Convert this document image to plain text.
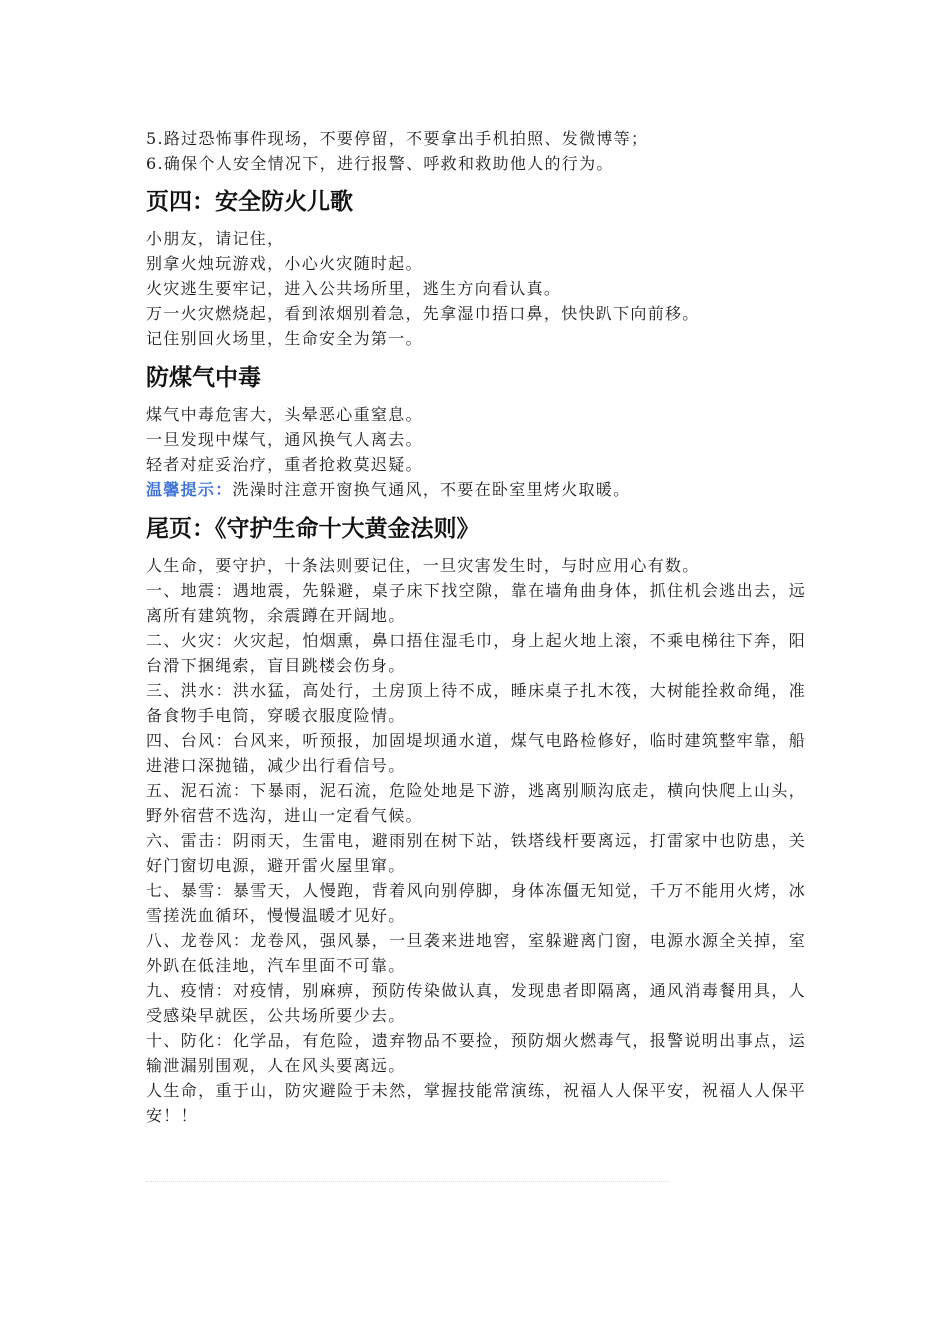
5.路过恐怖事件现场，不要停留，不要拿出手机拍照、发微博等；

6.确保个人安全情况下，进行报警、呼救和救助他人的行为。

页四：安全防火儿歌

小朋友，请记住，

别拿火烛玩游戏，小心火灾随时起。

火灾逃生要牢记，进入公共场所里，逃生方向看认真。

万一火灾燃烧起，看到浓烟别着急，先拿湿巾捂口鼻，快快趴下向前移。

记住别回火场里，生命安全为第一。

防煤气中毒

煤气中毒危害大，头晕恶心重窒息。

一旦发现中煤气，通风换气人离去。

轻者对症妥治疗，重者抢救莫迟疑。

温馨提示：洗澡时注意开窗换气通风，不要在卧室里烤火取暖。

尾页：《守护生命十大黄金法则》

人生命，要守护，十条法则要记住，一旦灾害发生时，与时应用心有数。

一、地震：遇地震，先躲避，桌子床下找空隙，靠在墙角曲身体，抓住机会逃出去，远离所有建筑物，余震蹲在开阔地。

二、火灾：火灾起，怕烟熏，鼻口捂住湿毛巾，身上起火地上滚，不乘电梯往下奔，阳台滑下捆绳索，盲目跳楼会伤身。

三、洪水：洪水猛，高处行，土房顶上待不成，睡床桌子扎木筏，大树能拴救命绳，准备食物手电筒，穿暖衣服度险情。

四、台风：台风来，听预报，加固堤坝通水道，煤气电路检修好，临时建筑整牢靠，船进港口深抛锚，减少出行看信号。

五、泥石流：下暴雨，泥石流，危险处地是下游，逃离别顺沟底走，横向快爬上山头，野外宿营不选沟，进山一定看气候。

六、雷击：阴雨天，生雷电，避雨别在树下站，铁塔线杆要离远，打雷家中也防患，关好门窗切电源，避开雷火屋里窜。

七、暴雪：暴雪天，人慢跑，背着风向别停脚，身体冻僵无知觉，千万不能用火烤，冰雪搓洗血循环，慢慢温暖才见好。

八、龙卷风：龙卷风，强风暴，一旦袭来进地窖，室躲避离门窗，电源水源全关掉，室外趴在低洼地，汽车里面不可靠。

九、疫情：对疫情，别麻痹，预防传染做认真，发现患者即隔离，通风消毒餐用具，人受感染早就医，公共场所要少去。

十、防化：化学品，有危险，遗弃物品不要捡，预防烟火燃毒气，报警说明出事点，运输泄漏别围观，人在风头要离远。

人生命，重于山，防灾避险于未然，掌握技能常演练，祝福人人保平安，祝福人人保平安！！
